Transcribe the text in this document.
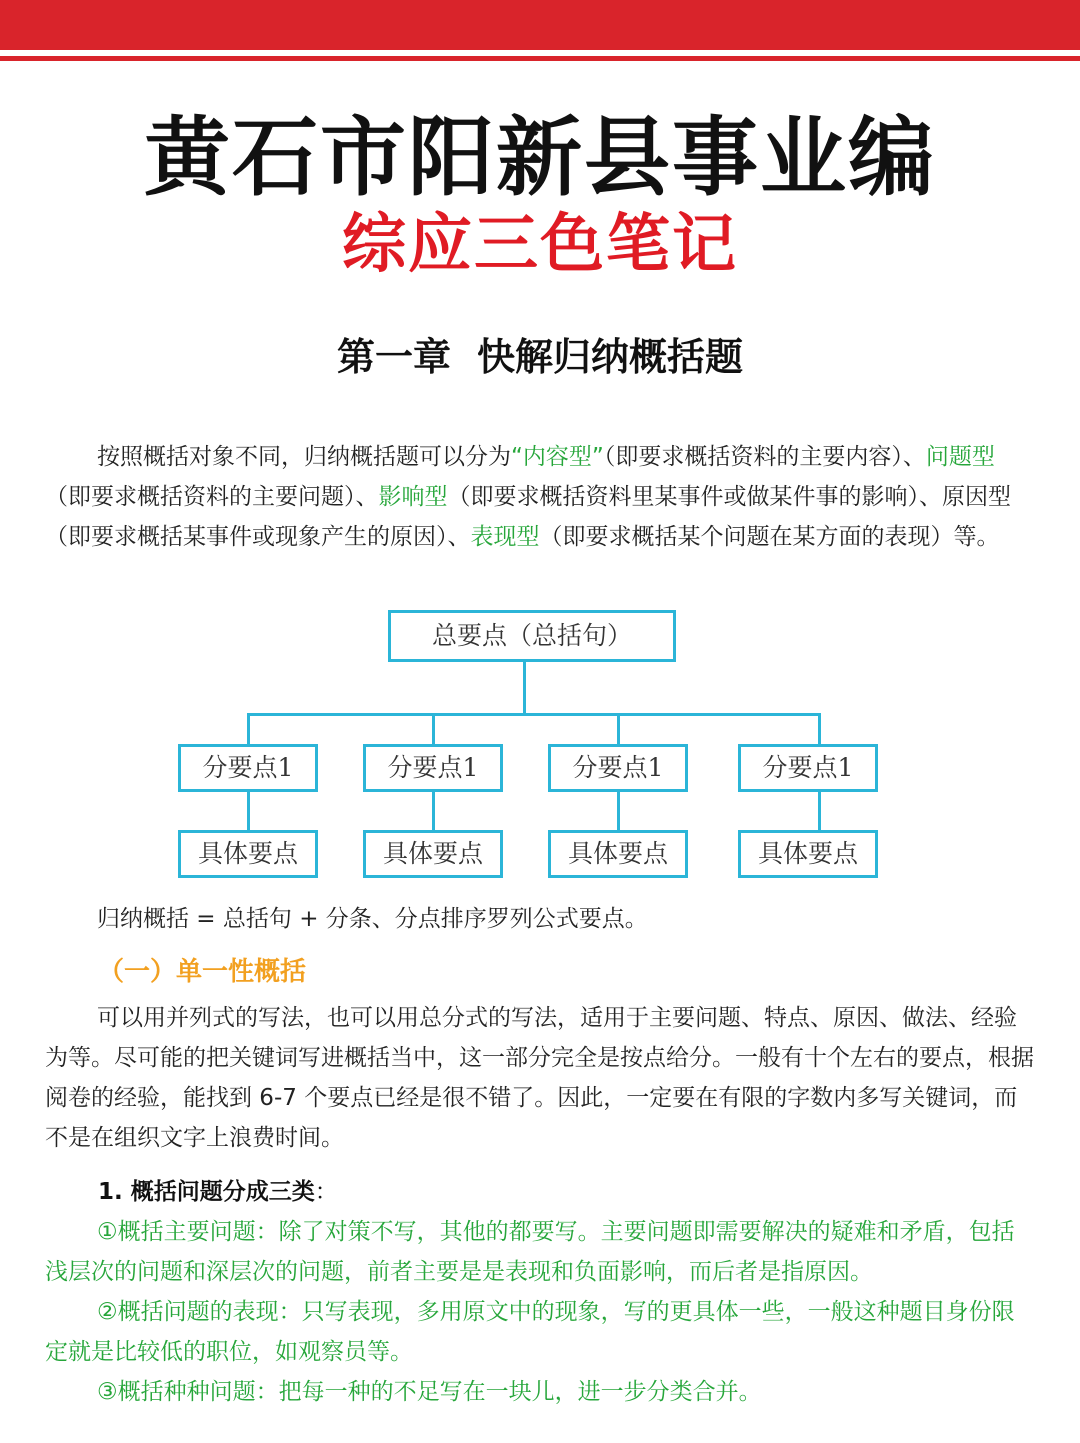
黄石市阳新县事业编
综应三色笔记
第一章 快解归纳概括题
按照概括对象不同，归纳概括题可以分为“内容型”（即要求概括资料的主要内容）、问题型（即要求概括资料的主要问题）、影响型（即要求概括资料里某事件或做某件事的影响）、原因型（即要求概括某事件或现象产生的原因）、表现型（即要求概括某个问题在某方面的表现）等。
总要点（总括句）
分要点1	分要点1	分要点1	分要点1
具体要点	具体要点	具体要点	具体要点
归纳概括 = 总括句 + 分条、分点排序罗列公式要点。
（一）单一性概括
可以用并列式的写法，也可以用总分式的写法，适用于主要问题、特点、原因、做法、经验为等。尽可能的把关键词写进概括当中，这一部分完全是按点给分。一般有十个左右的要点，根据阅卷的经验，能找到 6-7 个要点已经是很不错了。因此，一定要在有限的字数内多写关键词，而不是在组织文字上浪费时间。
1. 概括问题分成三类：
①概括主要问题：除了对策不写，其他的都要写。主要问题即需要解决的疑难和矛盾，包括浅层次的问题和深层次的问题，前者主要是是表现和负面影响，而后者是指原因。
②概括问题的表现：只写表现，多用原文中的现象，写的更具体一些，一般这种题目身份限定就是比较低的职位，如观察员等。
③概括种种问题：把每一种的不足写在一块儿，进一步分类合并。
